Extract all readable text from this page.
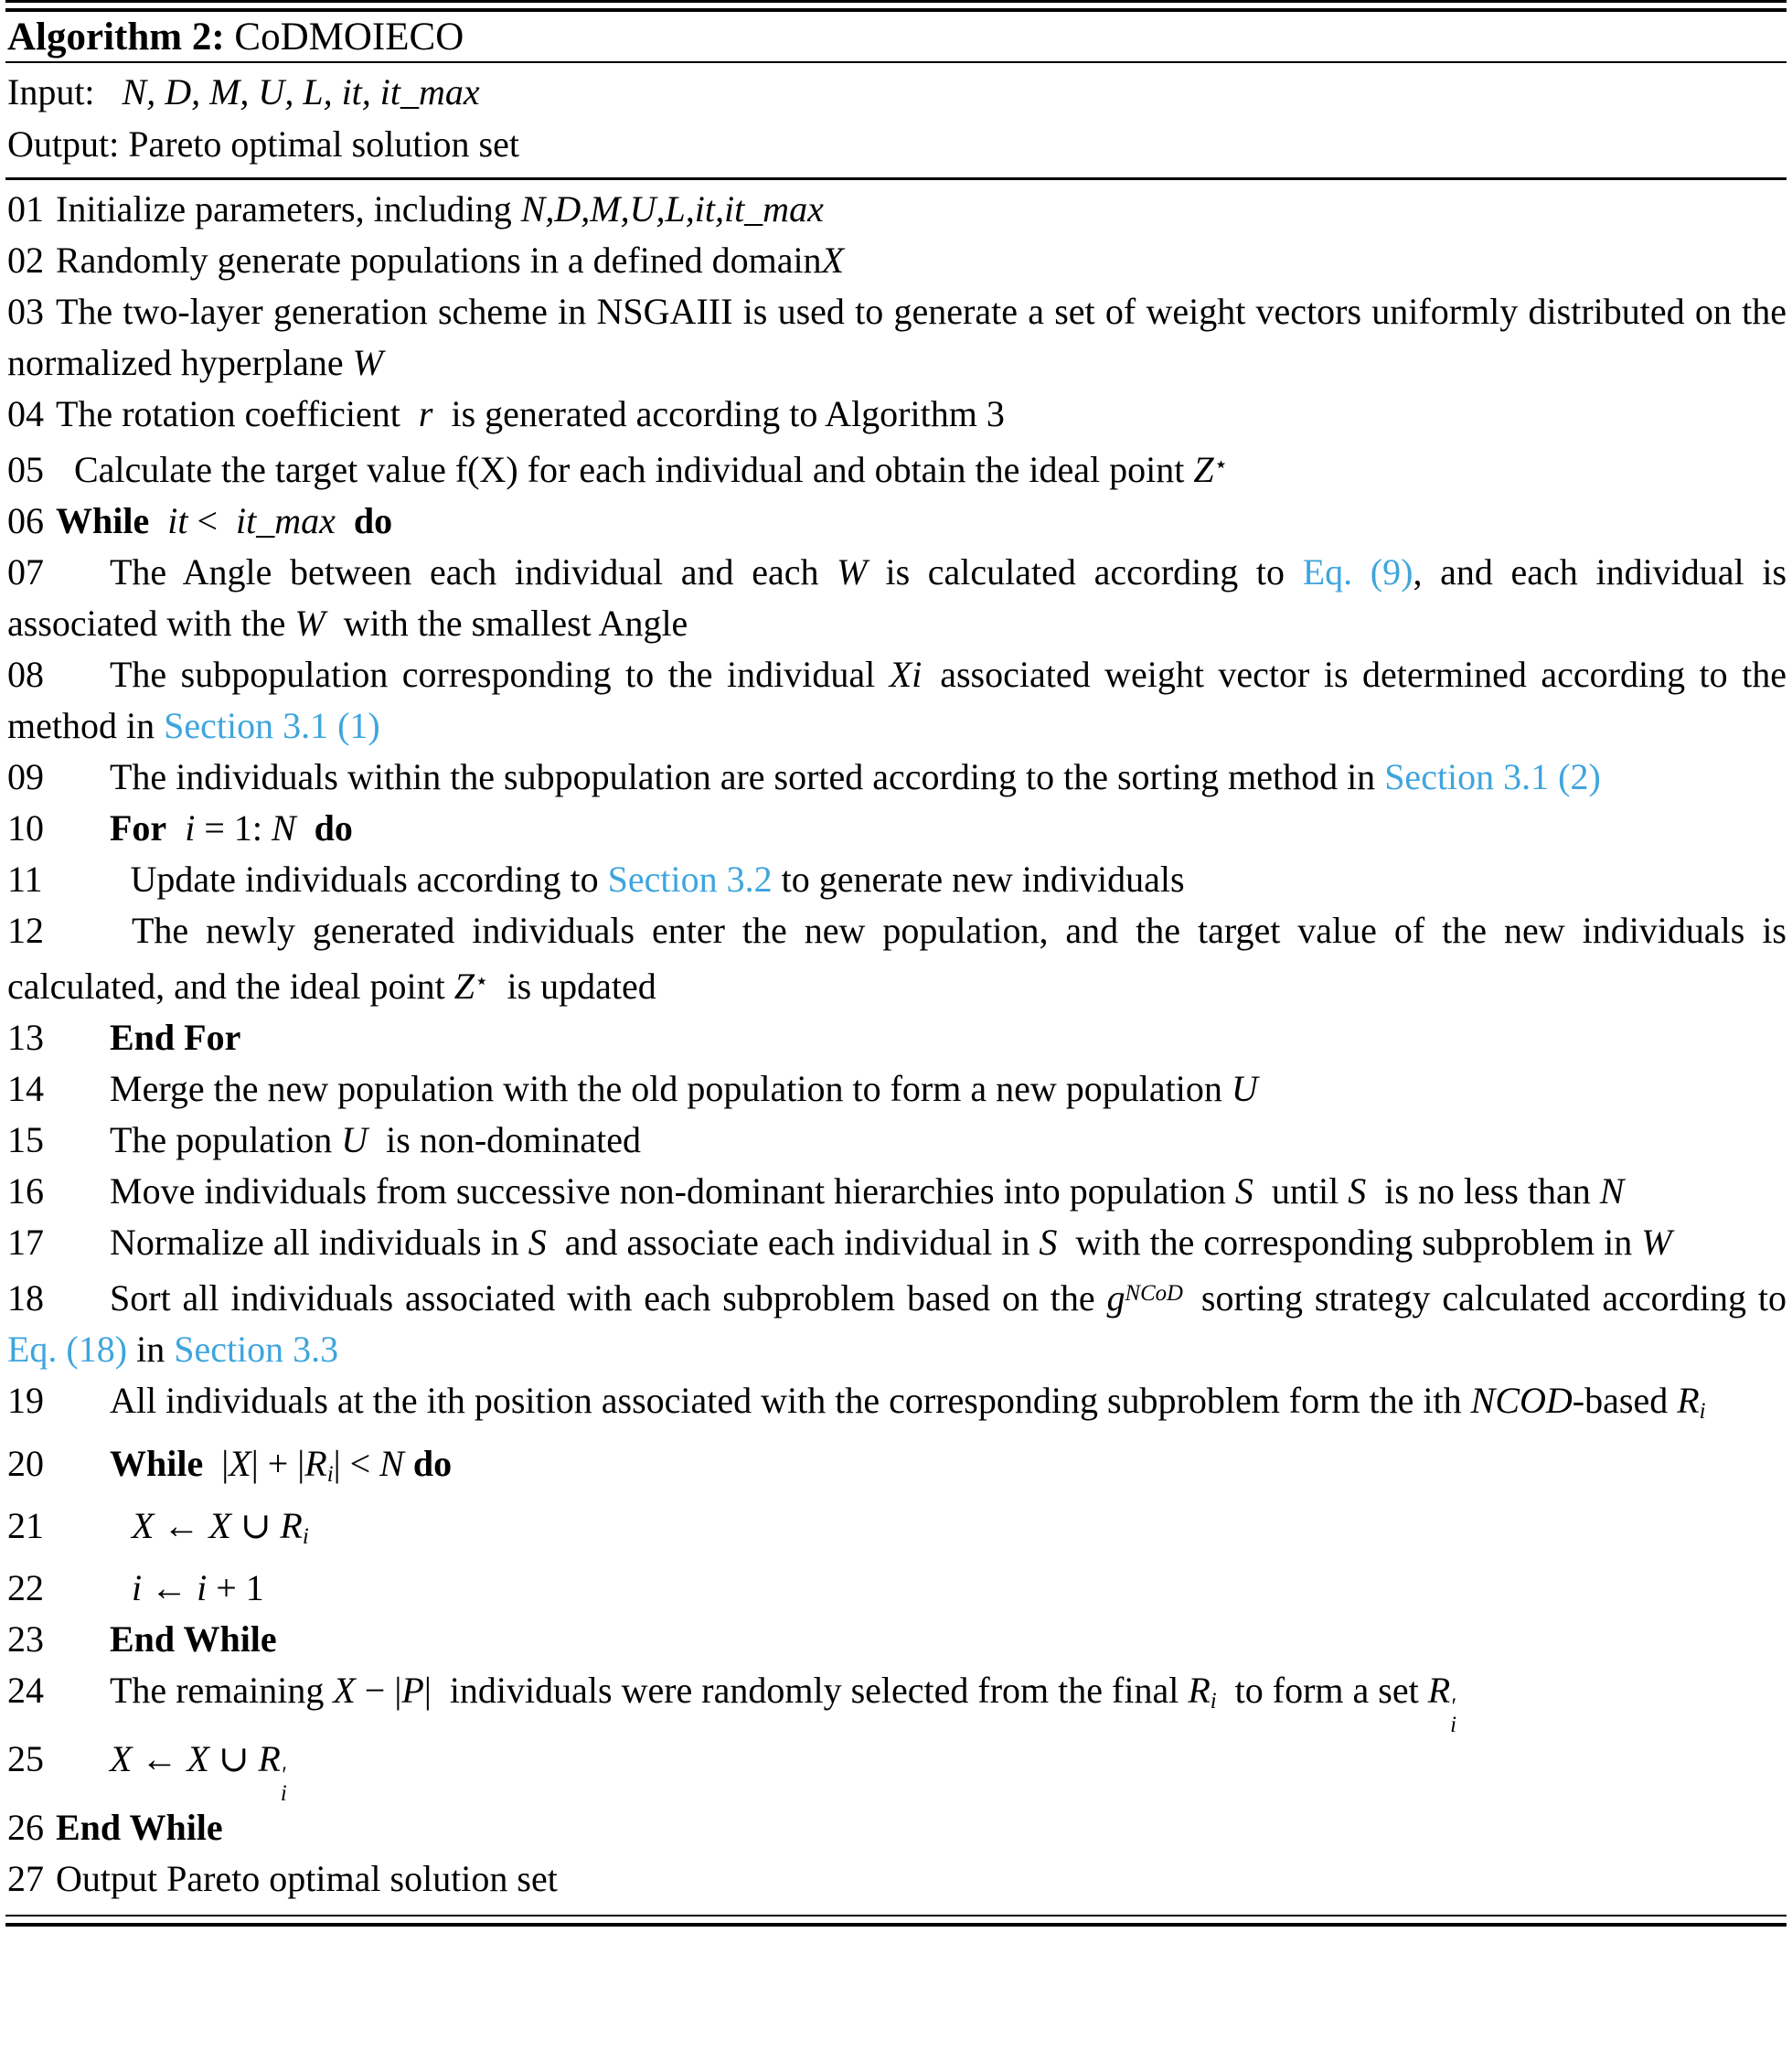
Algorithm 2: CoDMOIECO
Input:  N, D, M, U, L, it, it_max
Output: Pareto optimal solution set
01 Initialize parameters, including N,D,M,U,L,it,it_max
02 Randomly generate populations in a defined domainX
03 The two-layer generation scheme in NSGAIII is used to generate a set of weight vectors uniformly distributed on the normalized hyperplane W
04 The rotation coefficient r is generated according to Algorithm 3
05 Calculate the target value f(X) for each individual and obtain the ideal point Z⋆
06 While  it < it_max  do
07 The Angle between each individual and each W is calculated according to Eq. (9), and each individual is associated with the W with the smallest Angle
08 The subpopulation corresponding to the individual Xi associated weight vector is determined according to the method in Section 3.1 (1)
09 The individuals within the subpopulation are sorted according to the sorting method in Section 3.1 (2)
10 For  i = 1: N  do
11 Update individuals according to Section 3.2 to generate new individuals
12 The newly generated individuals enter the new population, and the target value of the new individuals is calculated, and the ideal point Z⋆ is updated
13 End For
14 Merge the new population with the old population to form a new population U
15 The population U is non-dominated
16 Move individuals from successive non-dominant hierarchies into population S until S is no less than N
17 Normalize all individuals in S and associate each individual in S with the corresponding subproblem in W
18 Sort all individuals associated with each subproblem based on the $g^{NCoD}$ sorting strategy calculated according to Eq. (18) in Section 3.3
19 All individuals at the ith position associated with the corresponding subproblem form the ith NCOD-based Ri
20 While |X| + |Ri| < N do
21 X ← X ∪ Ri
22 i ← i + 1
23 End While
24 The remaining X − |P| individuals were randomly selected from the final Ri to form a set R ′
i
25 X ← X ∪ R ′
i
26 End While
27 Output Pareto optimal solution set
